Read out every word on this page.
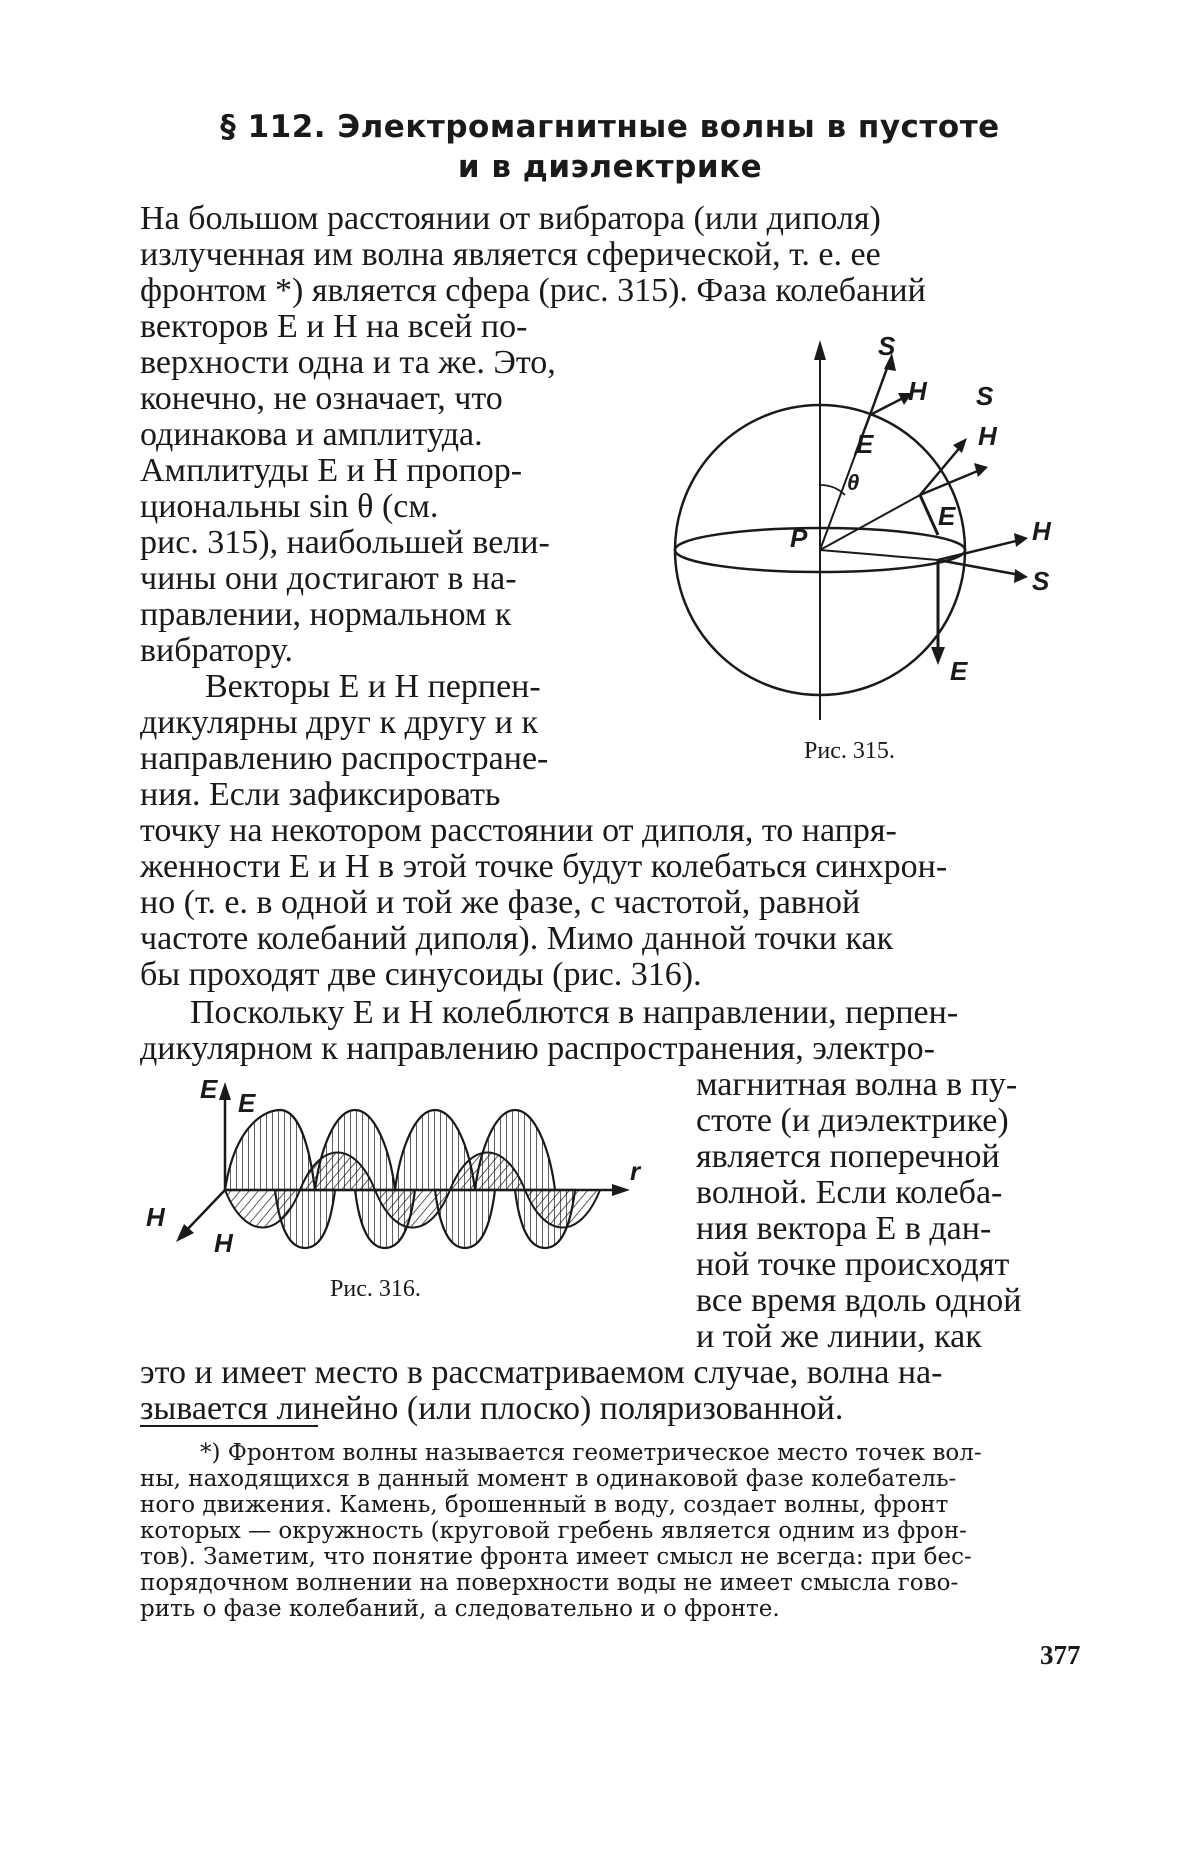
§ 112. Электромагнитные волны в пустоте
и в диэлектрике
На большом расстоянии от вибратора (или диполя)
излученная им волна является сферической, т. е. ее
фронтом *) является сфера (рис. 315). Фаза колебаний
векторов E и H на всей по-
верхности одна и та же. Это,
конечно, не означает, что
одинакова и амплитуда.
Амплитуды E и H пропор-
циональны sin θ (см.
рис. 315), наибольшей вели-
чины они достигают в на-
правлении, нормальном к
вибратору.
Векторы E и H перпен-
дикулярны друг к другу и к
направлению распростране-
ния. Если зафиксировать
точку на некотором расстоянии от диполя, то напря-
женности E и H в этой точке будут колебаться синхрон-
но (т. е. в одной и той же фазе, с частотой, равной
частоте колебаний диполя). Мимо данной точки как
бы проходят две синусоиды (рис. 316).
Поскольку E и H колеблются в направлении, перпен-
дикулярном к направлению распространения, электро-
магнитная волна в пу-
стоте (и диэлектрике)
является поперечной
волной. Если колеба-
ния вектора E в дан-
ной точке происходят
все время вдоль одной
и той же линии, как
это и имеет место в рассматриваемом случае, волна на-
зывается линейно (или плоско) поляризованной.
S
H S
H
E
θ
E	H
S
P
E
Рис. 315.
E E
H
H
r
Рис. 316.
*) Фронтом волны называется геометрическое место точек вол-
ны, находящихся в данный момент в одинаковой фазе колебатель-
ного движения. Камень, брошенный в воду, создает волны, фронт
которых — окружность (круговой гребень является одним из фрон-
тов). Заметим, что понятие фронта имеет смысл не всегда: при бес-
порядочном волнении на поверхности воды не имеет смысла гово-
рить о фазе колебаний, а следовательно и о фронте.
377
